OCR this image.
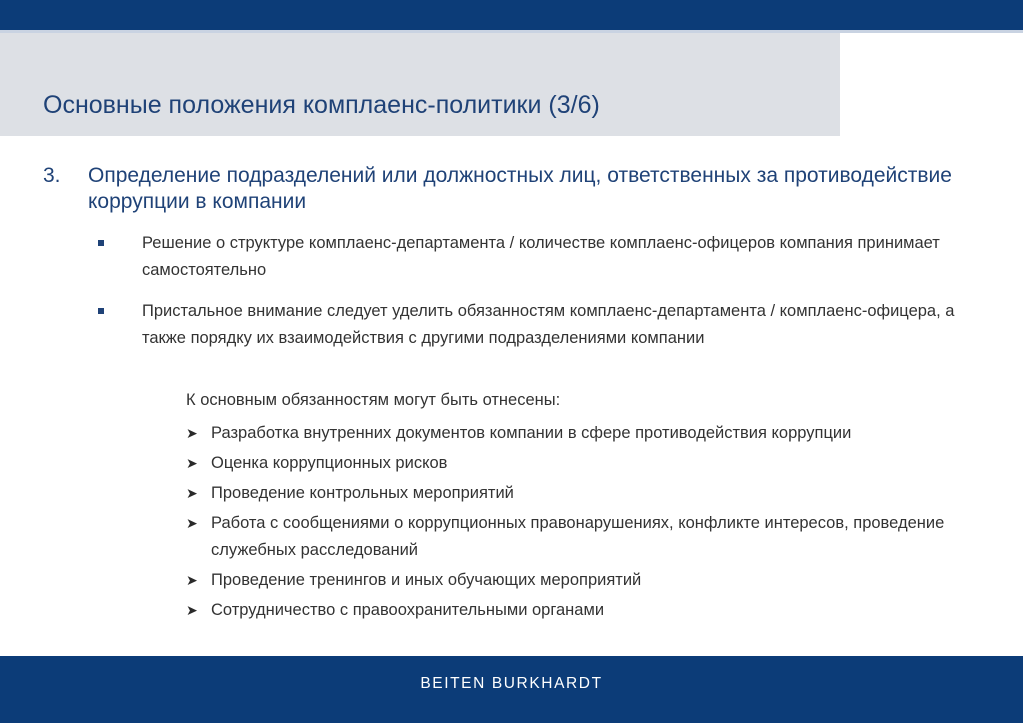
Основные положения комплаенс-политики (3/6)
3. Определение подразделений или должностных лиц, ответственных за противодействие коррупции в компании
Решение о структуре комплаенс-департамента / количестве комплаенс-офицеров компания принимает самостоятельно
Пристальное внимание следует уделить обязанностям комплаенс-департамента / комплаенс-офицера, а также порядку их взаимодействия с другими подразделениями компании
К основным обязанностям могут быть отнесены:
➤ Разработка внутренних документов компании в сфере противодействия коррупции
➤ Оценка коррупционных рисков
➤ Проведение контрольных мероприятий
➤ Работа с сообщениями о коррупционных правонарушениях, конфликте интересов, проведение служебных расследований
➤ Проведение тренингов и иных обучающих мероприятий
➤ Сотрудничество с правоохранительными органами
BEITEN BURKHARDT
